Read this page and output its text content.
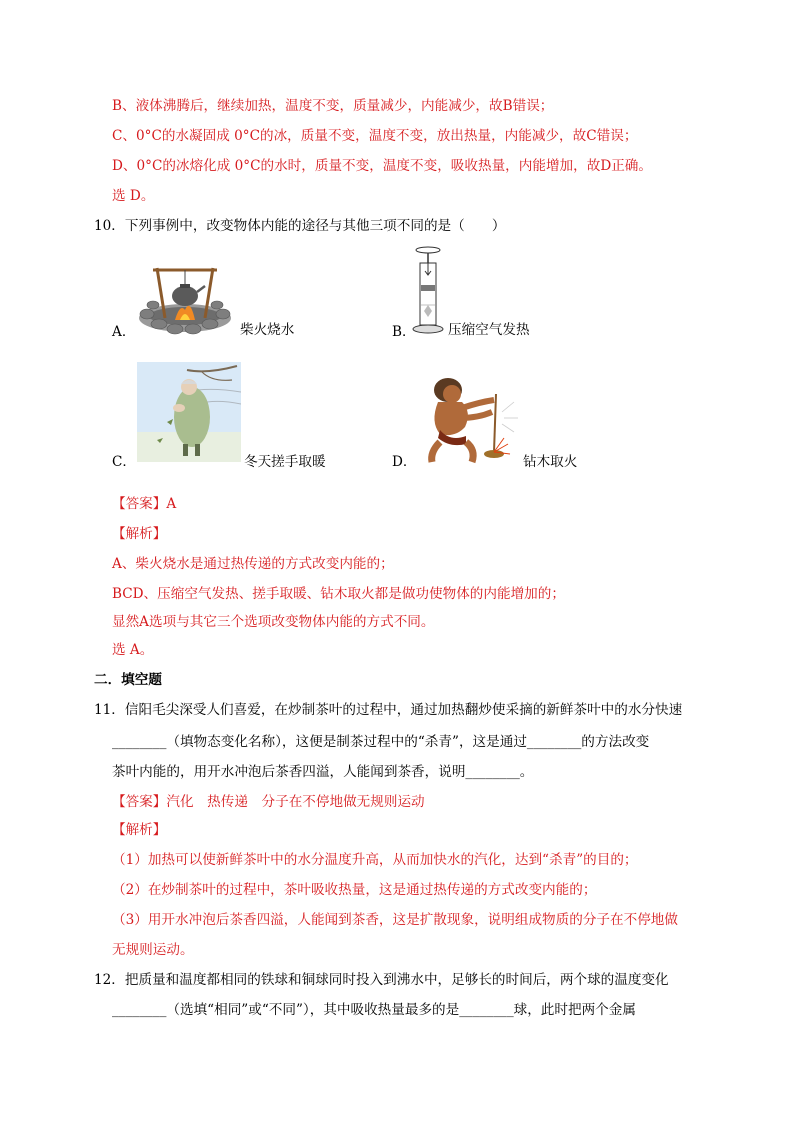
B、液体沸腾后，继续加热，温度不变，质量减少，内能减少，故B错误；
C、0°C的水凝固成 0°C的冰，质量不变，温度不变，放出热量，内能减少，故C错误；
D、0°C的冰熔化成 0°C的水时，质量不变，温度不变，吸收热量，内能增加，故D正确。
选 D。
10．下列事例中，改变物体内能的途径与其他三项不同的是（　　）
A．	柴火烧水	B． 压缩空气发热
C．	冬天搓手取暖	D．	钻木取火
【答案】A
【解析】
A、柴火烧水是通过热传递的方式改变内能的；
BCD、压缩空气发热、搓手取暖、钻木取火都是做功使物体的内能增加的；
显然A选项与其它三个选项改变物体内能的方式不同。
选 A。
二．填空题
11．信阳毛尖深受人们喜爱，在炒制茶叶的过程中，通过加热翻炒使采摘的新鲜茶叶中的水分快速
________（填物态变化名称），这便是制茶过程中的“杀青”，这是通过________的方法改变
茶叶内能的，用开水冲泡后茶香四溢，人能闻到茶香，说明________。
【答案】汽化　热传递　分子在不停地做无规则运动
【解析】
（1）加热可以使新鲜茶叶中的水分温度升高，从而加快水的汽化，达到“杀青”的目的；
（2）在炒制茶叶的过程中，茶叶吸收热量，这是通过热传递的方式改变内能的；
（3）用开水冲泡后茶香四溢，人能闻到茶香，这是扩散现象，说明组成物质的分子在不停地做
无规则运动。
12．把质量和温度都相同的铁球和铜球同时投入到沸水中，足够长的时间后，两个球的温度变化
________（选填“相同”或“不同”），其中吸收热量最多的是________球，此时把两个金属
